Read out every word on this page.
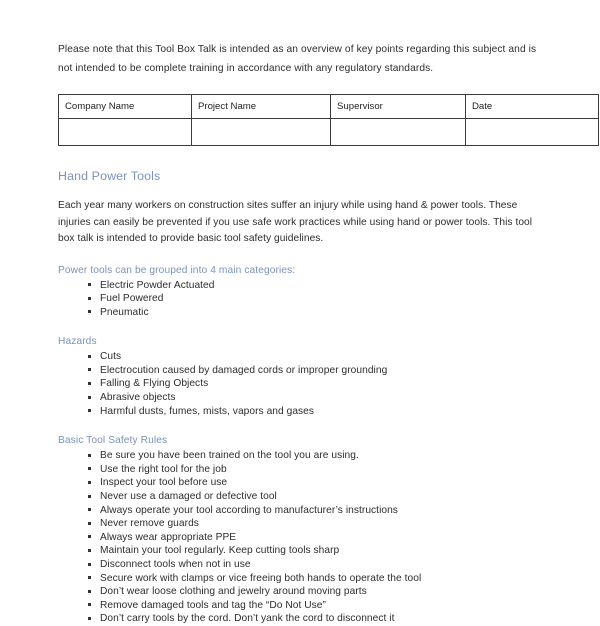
Please note that this Tool Box Talk is intended as an overview of key points regarding this subject and is not intended to be complete training in accordance with any regulatory standards.

Company Name	Project Name	Supervisor	Date

Hand Power Tools

Each year many workers on construction sites suffer an injury while using hand & power tools. These injuries can easily be prevented if you use safe work practices while using hand or power tools. This tool box talk is intended to provide basic tool safety guidelines.

Power tools can be grouped into 4 main categories:
Electric Powder Actuated
Fuel Powered
Pneumatic
Hazards
Cuts
Electrocution caused by damaged cords or improper grounding
Falling & Flying Objects
Abrasive objects
Harmful dusts, fumes, mists, vapors and gases
Basic Tool Safety Rules
Be sure you have been trained on the tool you are using.
Use the right tool for the job
Inspect your tool before use
Never use a damaged or defective tool
Always operate your tool according to manufacturer’s instructions
Never remove guards
Always wear appropriate PPE
Maintain your tool regularly. Keep cutting tools sharp
Disconnect tools when not in use
Secure work with clamps or vice freeing both hands to operate the tool
Don’t wear loose clothing and jewelry around moving parts
Remove damaged tools and tag the “Do Not Use”
Don’t carry tools by the cord. Don’t yank the cord to disconnect it
